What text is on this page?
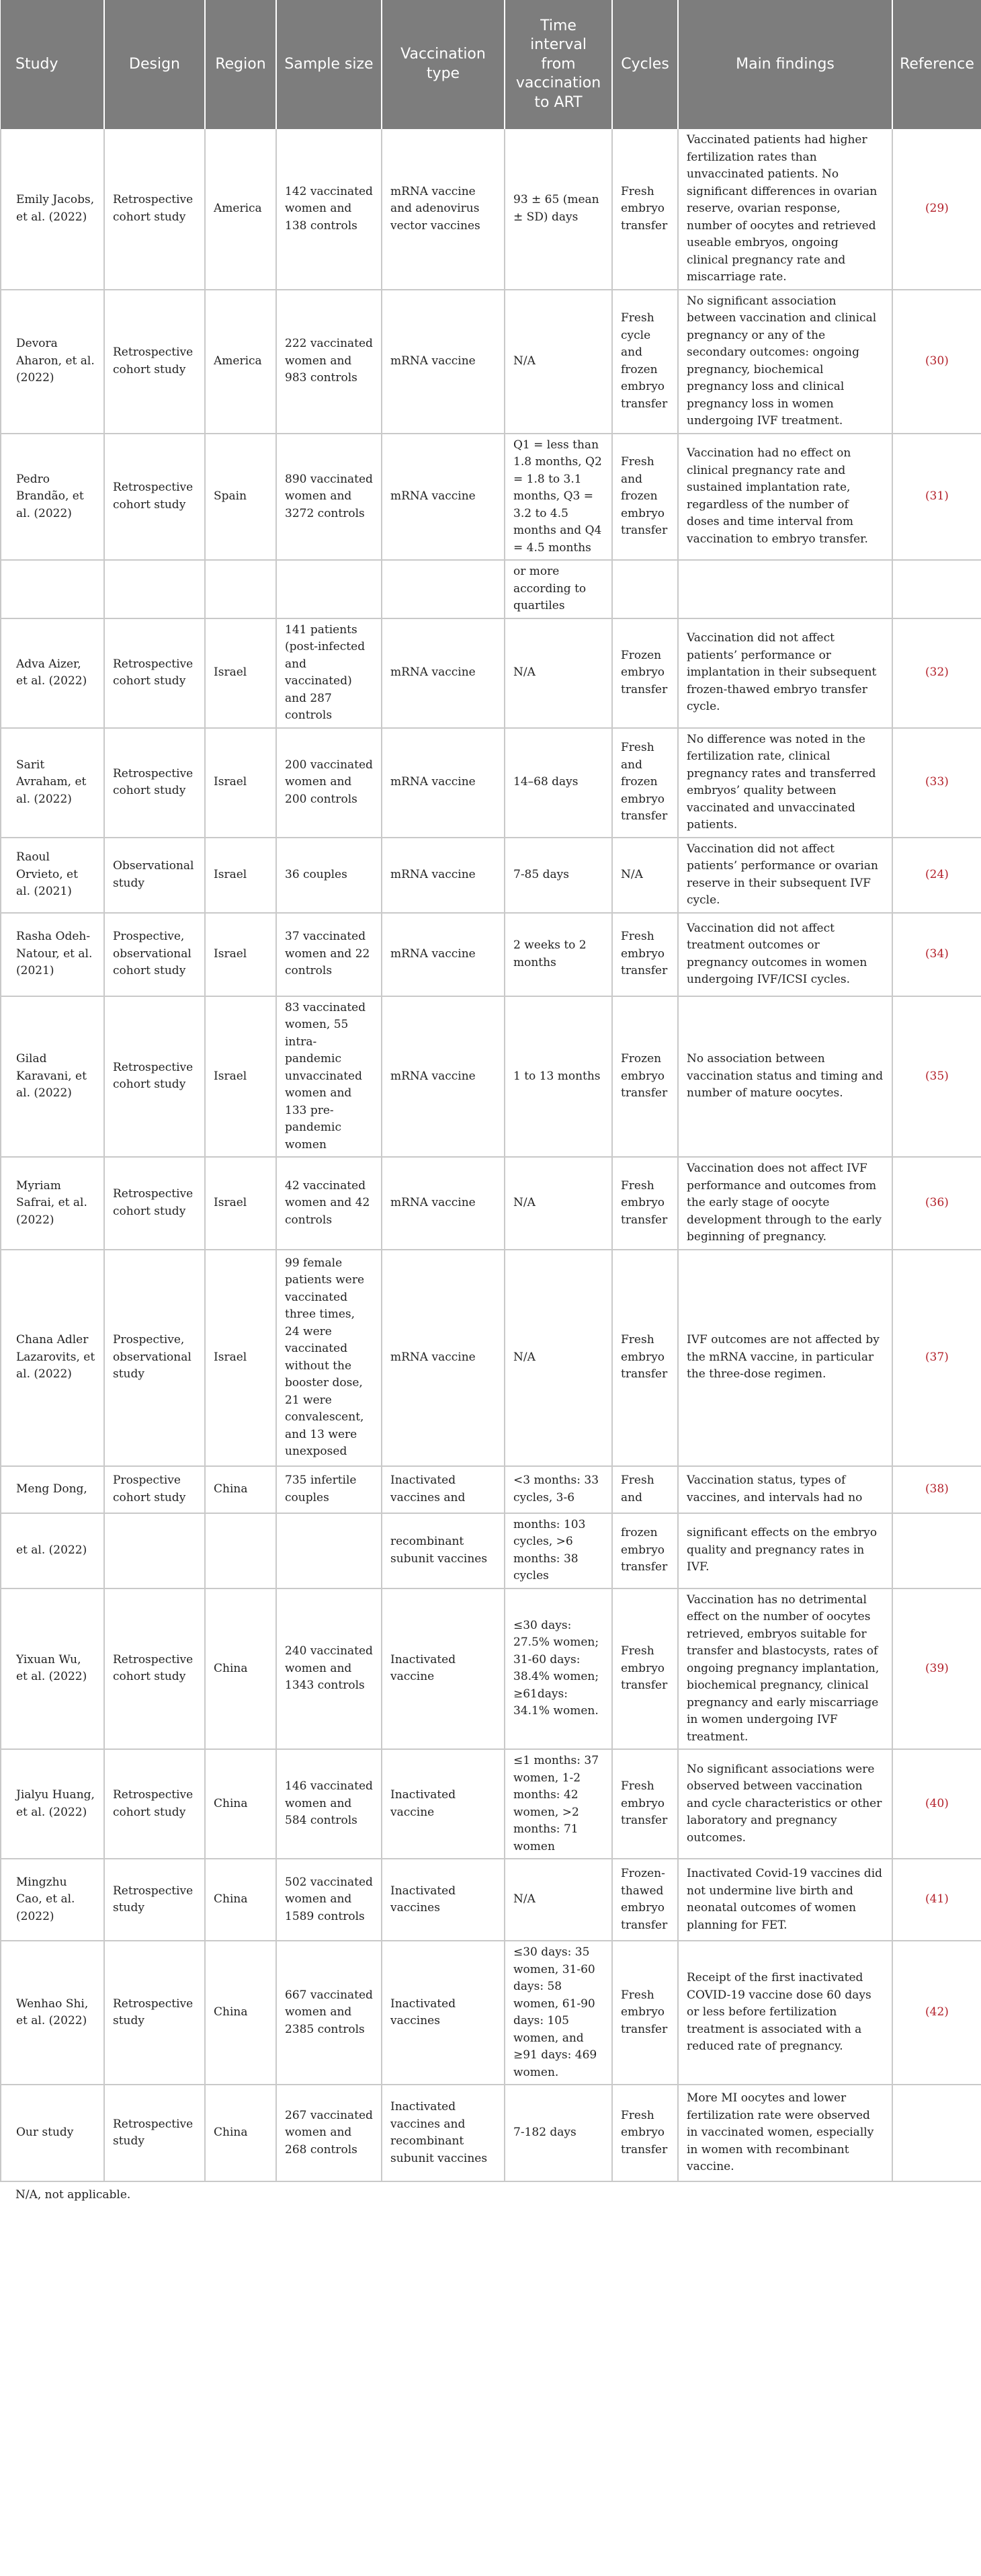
Study	Design	Region	Sample size	Vaccination type	Time interval from vaccination to ART	Cycles	Main findings	Reference
Emily Jacobs, et al. (2022)	Retrospective cohort study	America	142 vaccinated women and 138 controls	mRNA vaccine and adenovirus vector vaccines	93 ± 65 (mean ± SD) days	Fresh embryo transfer	Vaccinated patients had higher fertilization rates than unvaccinated patients. No significant differences in ovarian reserve, ovarian response, number of oocytes and retrieved useable embryos, ongoing clinical pregnancy rate and miscarriage rate.	(29)
Devora Aharon, et al. (2022)	Retrospective cohort study	America	222 vaccinated women and 983 controls	mRNA vaccine	N/A	Fresh cycle and frozen embryo transfer	No significant association between vaccination and clinical pregnancy or any of the secondary outcomes: ongoing pregnancy, biochemical pregnancy loss and clinical pregnancy loss in women undergoing IVF treatment.	(30)
Pedro Brandão, et al. (2022)	Retrospective cohort study	Spain	890 vaccinated women and 3272 controls	mRNA vaccine	Q1 = less than 1.8 months, Q2 = 1.8 to 3.1 months, Q3 = 3.2 to 4.5 months and Q4 = 4.5 months	Fresh and frozen embryo transfer	Vaccination had no effect on clinical pregnancy rate and sustained implantation rate, regardless of the number of doses and time interval from vaccination to embryo transfer.	(31)
					or more according to quartiles			
Adva Aizer, et al. (2022)	Retrospective cohort study	Israel	141 patients (post-infected and vaccinated) and 287 controls	mRNA vaccine	N/A	Frozen embryo transfer	Vaccination did not affect patients’ performance or implantation in their subsequent frozen-thawed embryo transfer cycle.	(32)
Sarit Avraham, et al. (2022)	Retrospective cohort study	Israel	200 vaccinated women and 200 controls	mRNA vaccine	14–68 days	Fresh and frozen embryo transfer	No difference was noted in the fertilization rate, clinical pregnancy rates and transferred embryos’ quality between vaccinated and unvaccinated patients.	(33)
Raoul Orvieto, et al. (2021)	Observational study	Israel	36 couples	mRNA vaccine	7-85 days	N/A	Vaccination did not affect patients’ performance or ovarian reserve in their subsequent IVF cycle.	(24)
Rasha Odeh-Natour, et al. (2021)	Prospective, observational cohort study	Israel	37 vaccinated women and 22 controls	mRNA vaccine	2 weeks to 2 months	Fresh embryo transfer	Vaccination did not affect treatment outcomes or pregnancy outcomes in women undergoing IVF/ICSI cycles.	(34)
Gilad Karavani, et al. (2022)	Retrospective cohort study	Israel	83 vaccinated women, 55 intra-pandemic unvaccinated women and 133 pre-pandemic women	mRNA vaccine	1 to 13 months	Frozen embryo transfer	No association between vaccination status and timing and number of mature oocytes.	(35)
Myriam Safrai, et al. (2022)	Retrospective cohort study	Israel	42 vaccinated women and 42 controls	mRNA vaccine	N/A	Fresh embryo transfer	Vaccination does not affect IVF performance and outcomes from the early stage of oocyte development through to the early beginning of pregnancy.	(36)
Chana Adler Lazarovits, et al. (2022)	Prospective, observational study	Israel	99 female patients were vaccinated three times, 24 were vaccinated without the booster dose, 21 were convalescent, and 13 were unexposed	mRNA vaccine	N/A	Fresh embryo transfer	IVF outcomes are not affected by the mRNA vaccine, in particular the three-dose regimen.	(37)
Meng Dong,	Prospective cohort study	China	735 infertile couples	Inactivated vaccines and	<3 months: 33 cycles, 3-6	Fresh and	Vaccination status, types of vaccines, and intervals had no	(38)
et al. (2022)				recombinant subunit vaccines	months: 103 cycles, >6 months: 38 cycles	frozen embryo transfer	significant effects on the embryo quality and pregnancy rates in IVF.	
Yixuan Wu, et al. (2022)	Retrospective cohort study	China	240 vaccinated women and 1343 controls	Inactivated vaccine	≤30 days: 27.5% women; 31-60 days: 38.4% women; ≥61days: 34.1% women.	Fresh embryo transfer	Vaccination has no detrimental effect on the number of oocytes retrieved, embryos suitable for transfer and blastocysts, rates of ongoing pregnancy implantation, biochemical pregnancy, clinical pregnancy and early miscarriage in women undergoing IVF treatment.	(39)
Jialyu Huang, et al. (2022)	Retrospective cohort study	China	146 vaccinated women and 584 controls	Inactivated vaccine	≤1 months: 37 women, 1-2 months: 42 women, >2 months: 71 women	Fresh embryo transfer	No significant associations were observed between vaccination and cycle characteristics or other laboratory and pregnancy outcomes.	(40)
Mingzhu Cao, et al. (2022)	Retrospective study	China	502 vaccinated women and 1589 controls	Inactivated vaccines	N/A	Frozen-thawed embryo transfer	Inactivated Covid-19 vaccines did not undermine live birth and neonatal outcomes of women planning for FET.	(41)
Wenhao Shi, et al. (2022)	Retrospective study	China	667 vaccinated women and 2385 controls	Inactivated vaccines	≤30 days: 35 women, 31-60 days: 58 women, 61-90 days: 105 women, and ≥91 days: 469 women.	Fresh embryo transfer	Receipt of the first inactivated COVID-19 vaccine dose 60 days or less before fertilization treatment is associated with a reduced rate of pregnancy.	(42)
Our study	Retrospective study	China	267 vaccinated women and 268 controls	Inactivated vaccines and recombinant subunit vaccines	7-182 days	Fresh embryo transfer	More MI oocytes and lower fertilization rate were observed in vaccinated women, especially in women with recombinant vaccine.	
N/A, not applicable.								
